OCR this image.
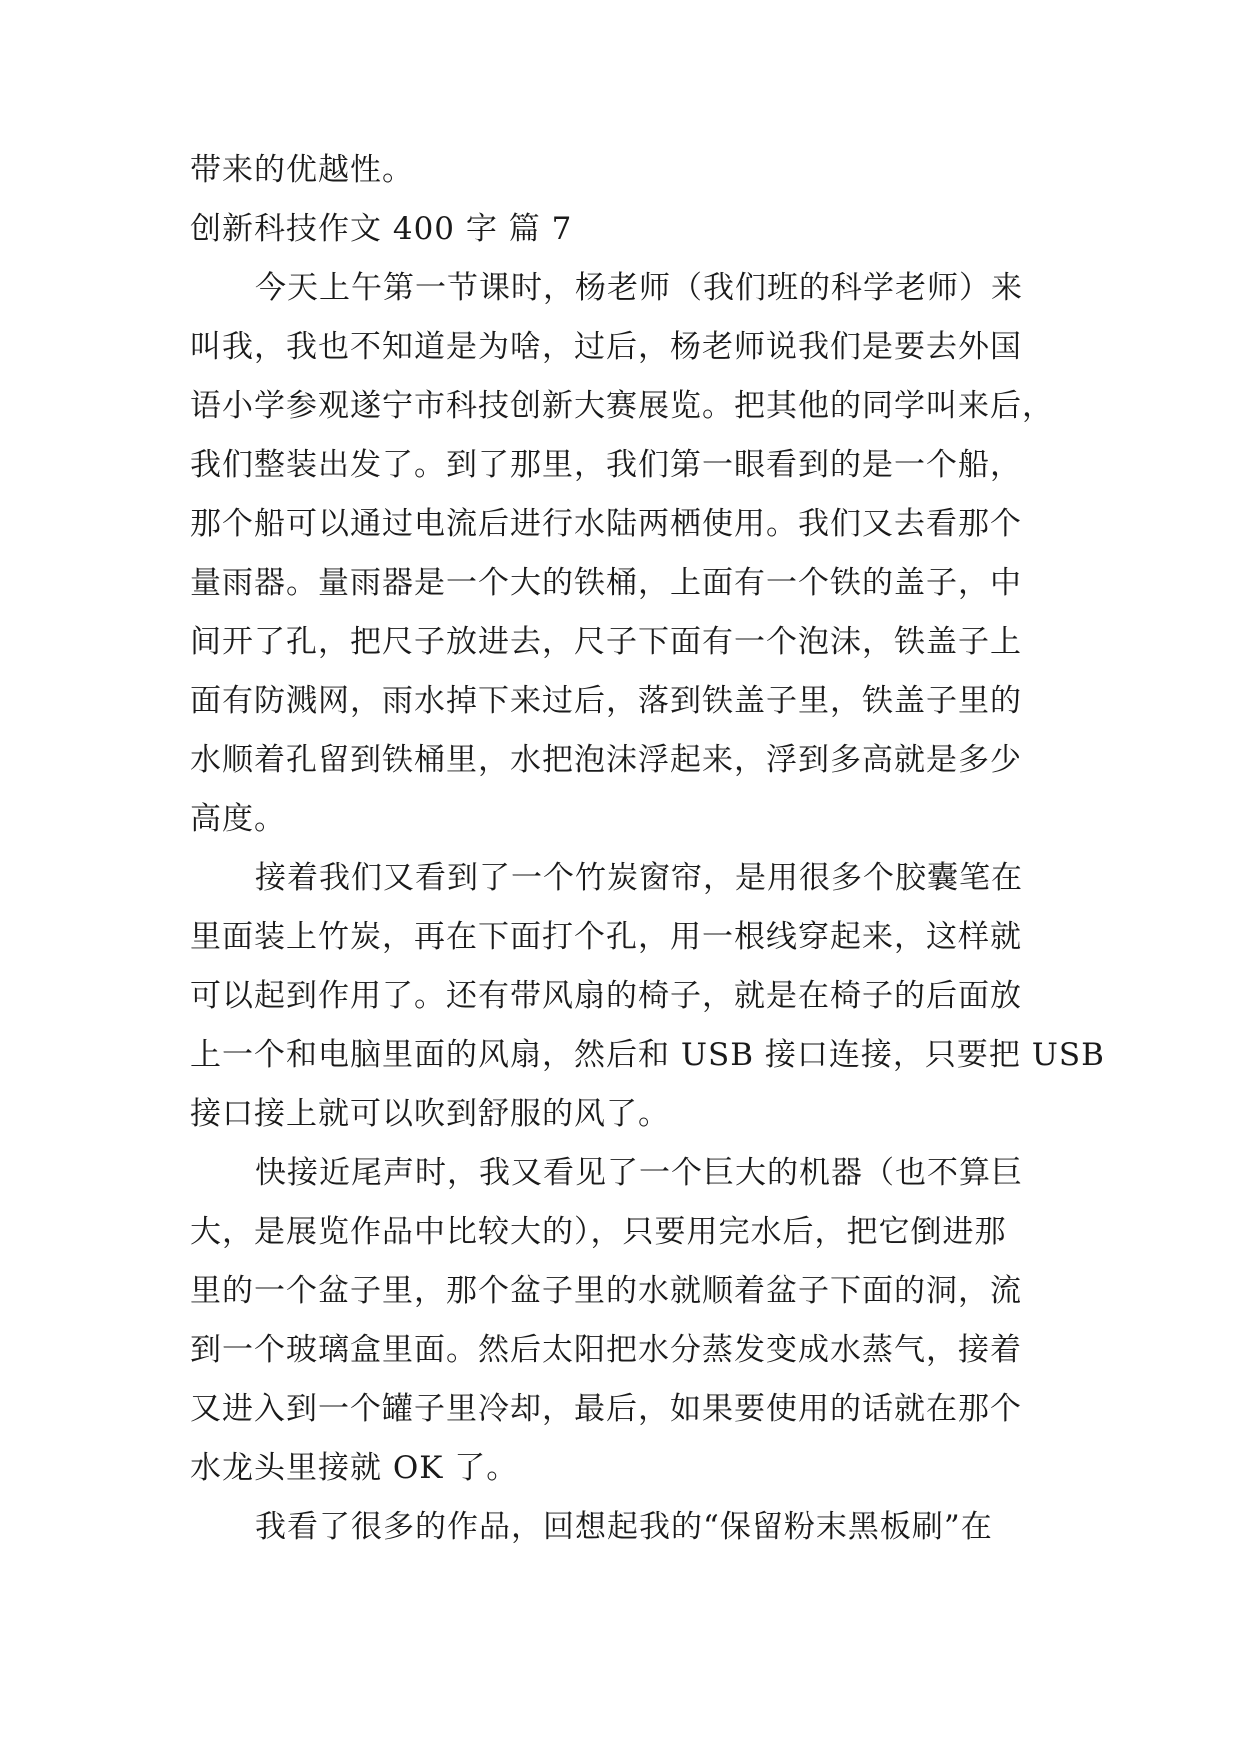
带来的优越性。
创新科技作文 400 字 篇 7
今天上午第一节课时，杨老师（我们班的科学老师）来
叫我，我也不知道是为啥，过后，杨老师说我们是要去外国
语小学参观遂宁市科技创新大赛展览。把其他的同学叫来后，
我们整装出发了。到了那里，我们第一眼看到的是一个船，
那个船可以通过电流后进行水陆两栖使用。我们又去看那个
量雨器。量雨器是一个大的铁桶，上面有一个铁的盖子，中
间开了孔，把尺子放进去，尺子下面有一个泡沫，铁盖子上
面有防溅网，雨水掉下来过后，落到铁盖子里，铁盖子里的
水顺着孔留到铁桶里，水把泡沫浮起来，浮到多高就是多少
高度。
接着我们又看到了一个竹炭窗帘，是用很多个胶囊笔在
里面装上竹炭，再在下面打个孔，用一根线穿起来，这样就
可以起到作用了。还有带风扇的椅子，就是在椅子的后面放
上一个和电脑里面的风扇，然后和 USB 接口连接，只要把 USB
接口接上就可以吹到舒服的风了。
快接近尾声时，我又看见了一个巨大的机器（也不算巨
大，是展览作品中比较大的），只要用完水后，把它倒进那
里的一个盆子里，那个盆子里的水就顺着盆子下面的洞，流
到一个玻璃盒里面。然后太阳把水分蒸发变成水蒸气，接着
又进入到一个罐子里冷却，最后，如果要使用的话就在那个
水龙头里接就 OK 了。
我看了很多的作品，回想起我的“保留粉末黑板刷”在
